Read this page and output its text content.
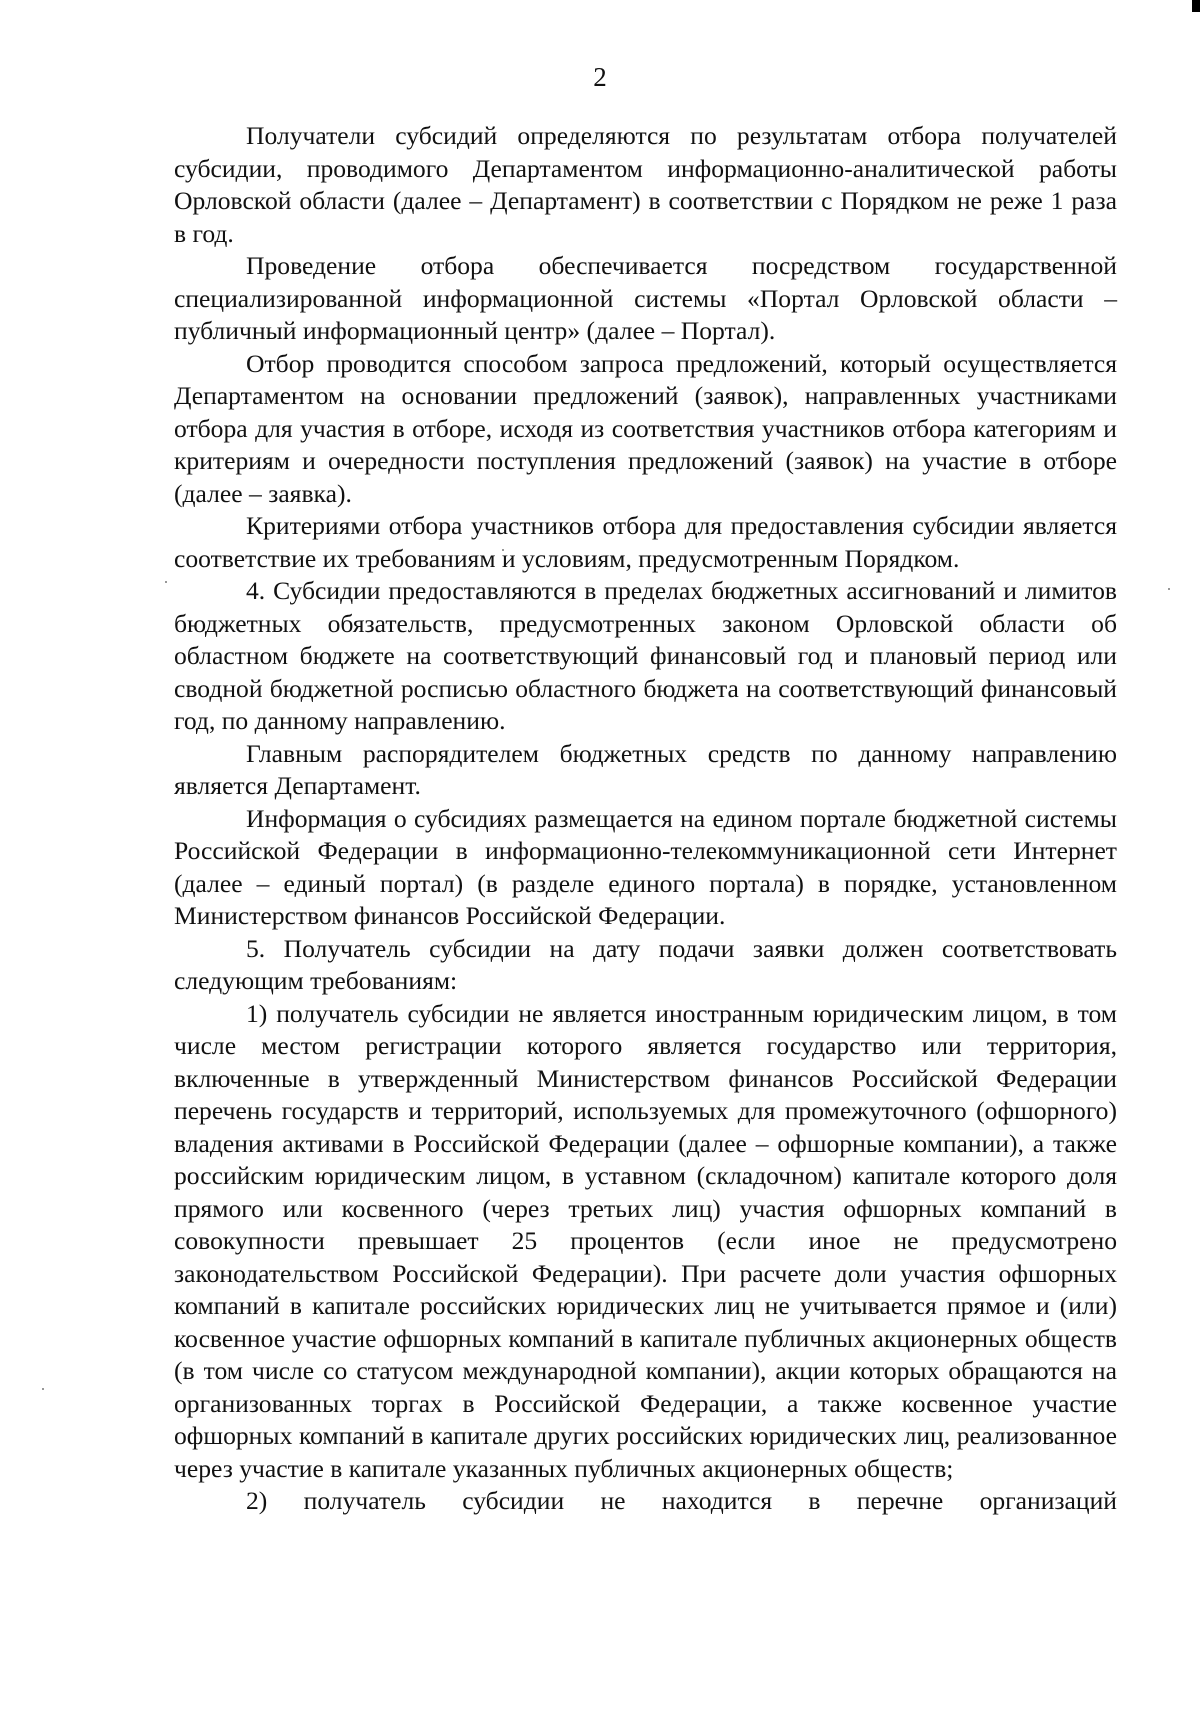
2

Получатели субсидий определяются по результатам отбора получателей субсидии, проводимого Департаментом информационно-аналитической работы Орловской области (далее – Департамент) в соответствии с Порядком не реже 1 раза в год.

Проведение отбора обеспечивается посредством государственной специализированной информационной системы «Портал Орловской области – публичный информационный центр» (далее – Портал).

Отбор проводится способом запроса предложений, который осуществляется Департаментом на основании предложений (заявок), направленных участниками отбора для участия в отборе, исходя из соответствия участников отбора категориям и критериям и очередности поступления предложений (заявок) на участие в отборе (далее – заявка).

Критериями отбора участников отбора для предоставления субсидии является соответствие их требованиям и условиям, предусмотренным Порядком.

4. Субсидии предоставляются в пределах бюджетных ассигнований и лимитов бюджетных обязательств, предусмотренных законом Орловской области об областном бюджете на соответствующий финансовый год и плановый период или сводной бюджетной росписью областного бюджета на соответствующий финансовый год, по данному направлению.

Главным распорядителем бюджетных средств по данному направлению является Департамент.

Информация о субсидиях размещается на едином портале бюджетной системы Российской Федерации в информационно-телекоммуникационной сети Интернет (далее – единый портал) (в разделе единого портала) в порядке, установленном Министерством финансов Российской Федерации.

5. Получатель субсидии на дату подачи заявки должен соответствовать следующим требованиям:

1) получатель субсидии не является иностранным юридическим лицом, в том числе местом регистрации которого является государство или территория, включенные в утвержденный Министерством финансов Российской Федерации перечень государств и территорий, используемых для промежуточного (офшорного) владения активами в Российской Федерации (далее – офшорные компании), а также российским юридическим лицом, в уставном (складочном) капитале которого доля прямого или косвенного (через третьих лиц) участия офшорных компаний в совокупности превышает 25 процентов (если иное не предусмотрено законодательством Российской Федерации). При расчете доли участия офшорных компаний в капитале российских юридических лиц не учитывается прямое и (или) косвенное участие офшорных компаний в капитале публичных акционерных обществ (в том числе со статусом международной компании), акции которых обращаются на организованных торгах в Российской Федерации, а также косвенное участие офшорных компаний в капитале других российских юридических лиц, реализованное через участие в капитале указанных публичных акционерных обществ;

2) получатель субсидии не находится в перечне организаций
